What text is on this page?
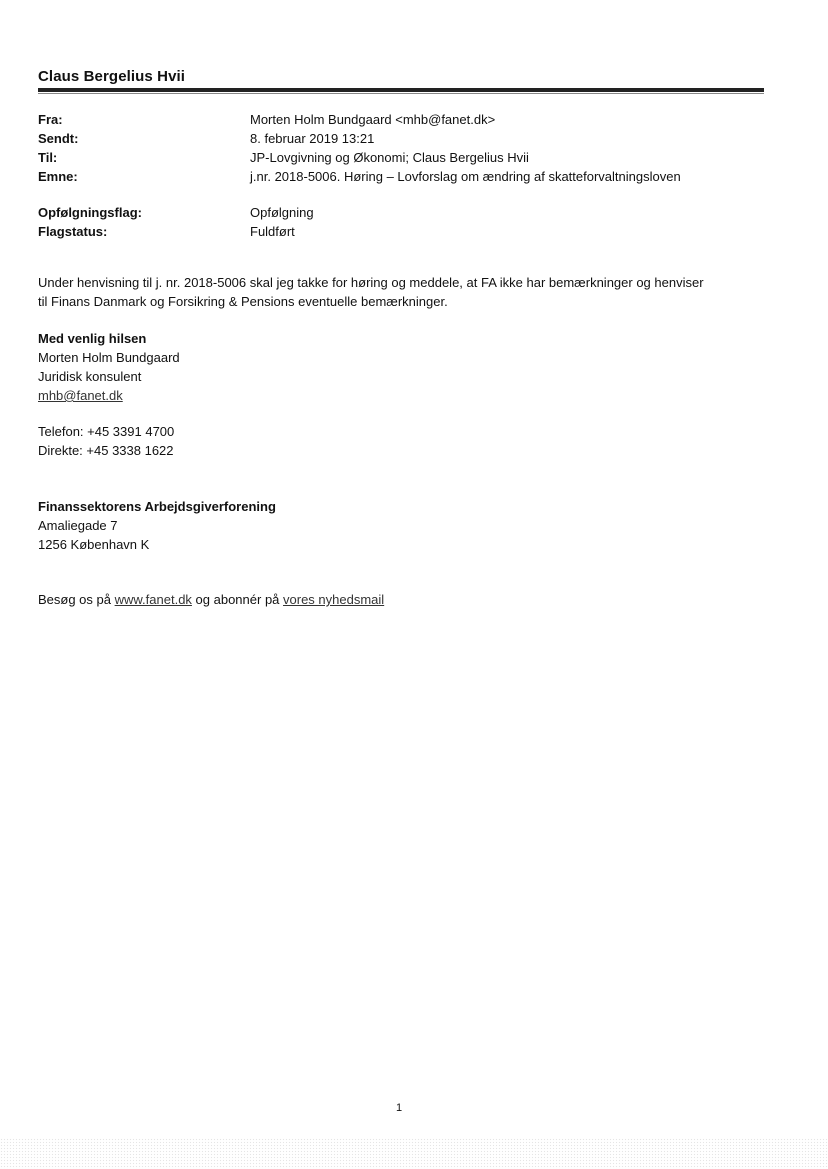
Claus Bergelius Hvii
Fra:	Morten Holm Bundgaard <mhb@fanet.dk>
Sendt:	8. februar 2019 13:21
Til:	JP-Lovgivning og Økonomi; Claus Bergelius Hvii
Emne:	j.nr. 2018-5006. Høring – Lovforslag om ændring af skatteforvaltningsloven
Opfølgningsflag:	Opfølgning
Flagstatus:	Fuldført

Under henvisning til j. nr. 2018-5006 skal jeg takke for høring og meddele, at FA ikke har bemærkninger og henviser

til Finans Danmark og Forsikring & Pensions eventuelle bemærkninger.

Med venlig hilsen
Morten Holm Bundgaard
Juridisk konsulent
mhb@fanet.dk
Telefon: +45 3391 4700
Direkte: +45 3338 1622
Finanssektorens Arbejdsgiverforening
Amaliegade 7
1256 København K
Besøg os på www.fanet.dk og abonnér på vores nyhedsmail
1
